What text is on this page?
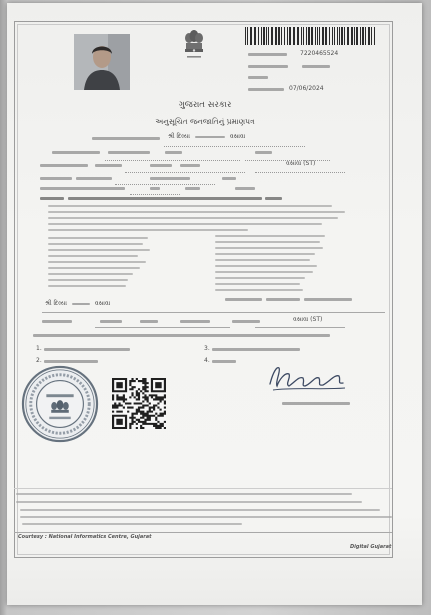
7220465524
07/06/2024
ગુજરાત સરકાર
અનુસૂચિત જનજાતિનું પ્રમાણપત્ર
શ્રી દિવ્યા	વસાવા
વસાવા (ST)
શ્રી દિવ્યા	વસાવા
વસાવા (ST)
1.
2.
3.
4.
Courtesy : National Informatics Centre, Gujarat
Digital Gujarat
